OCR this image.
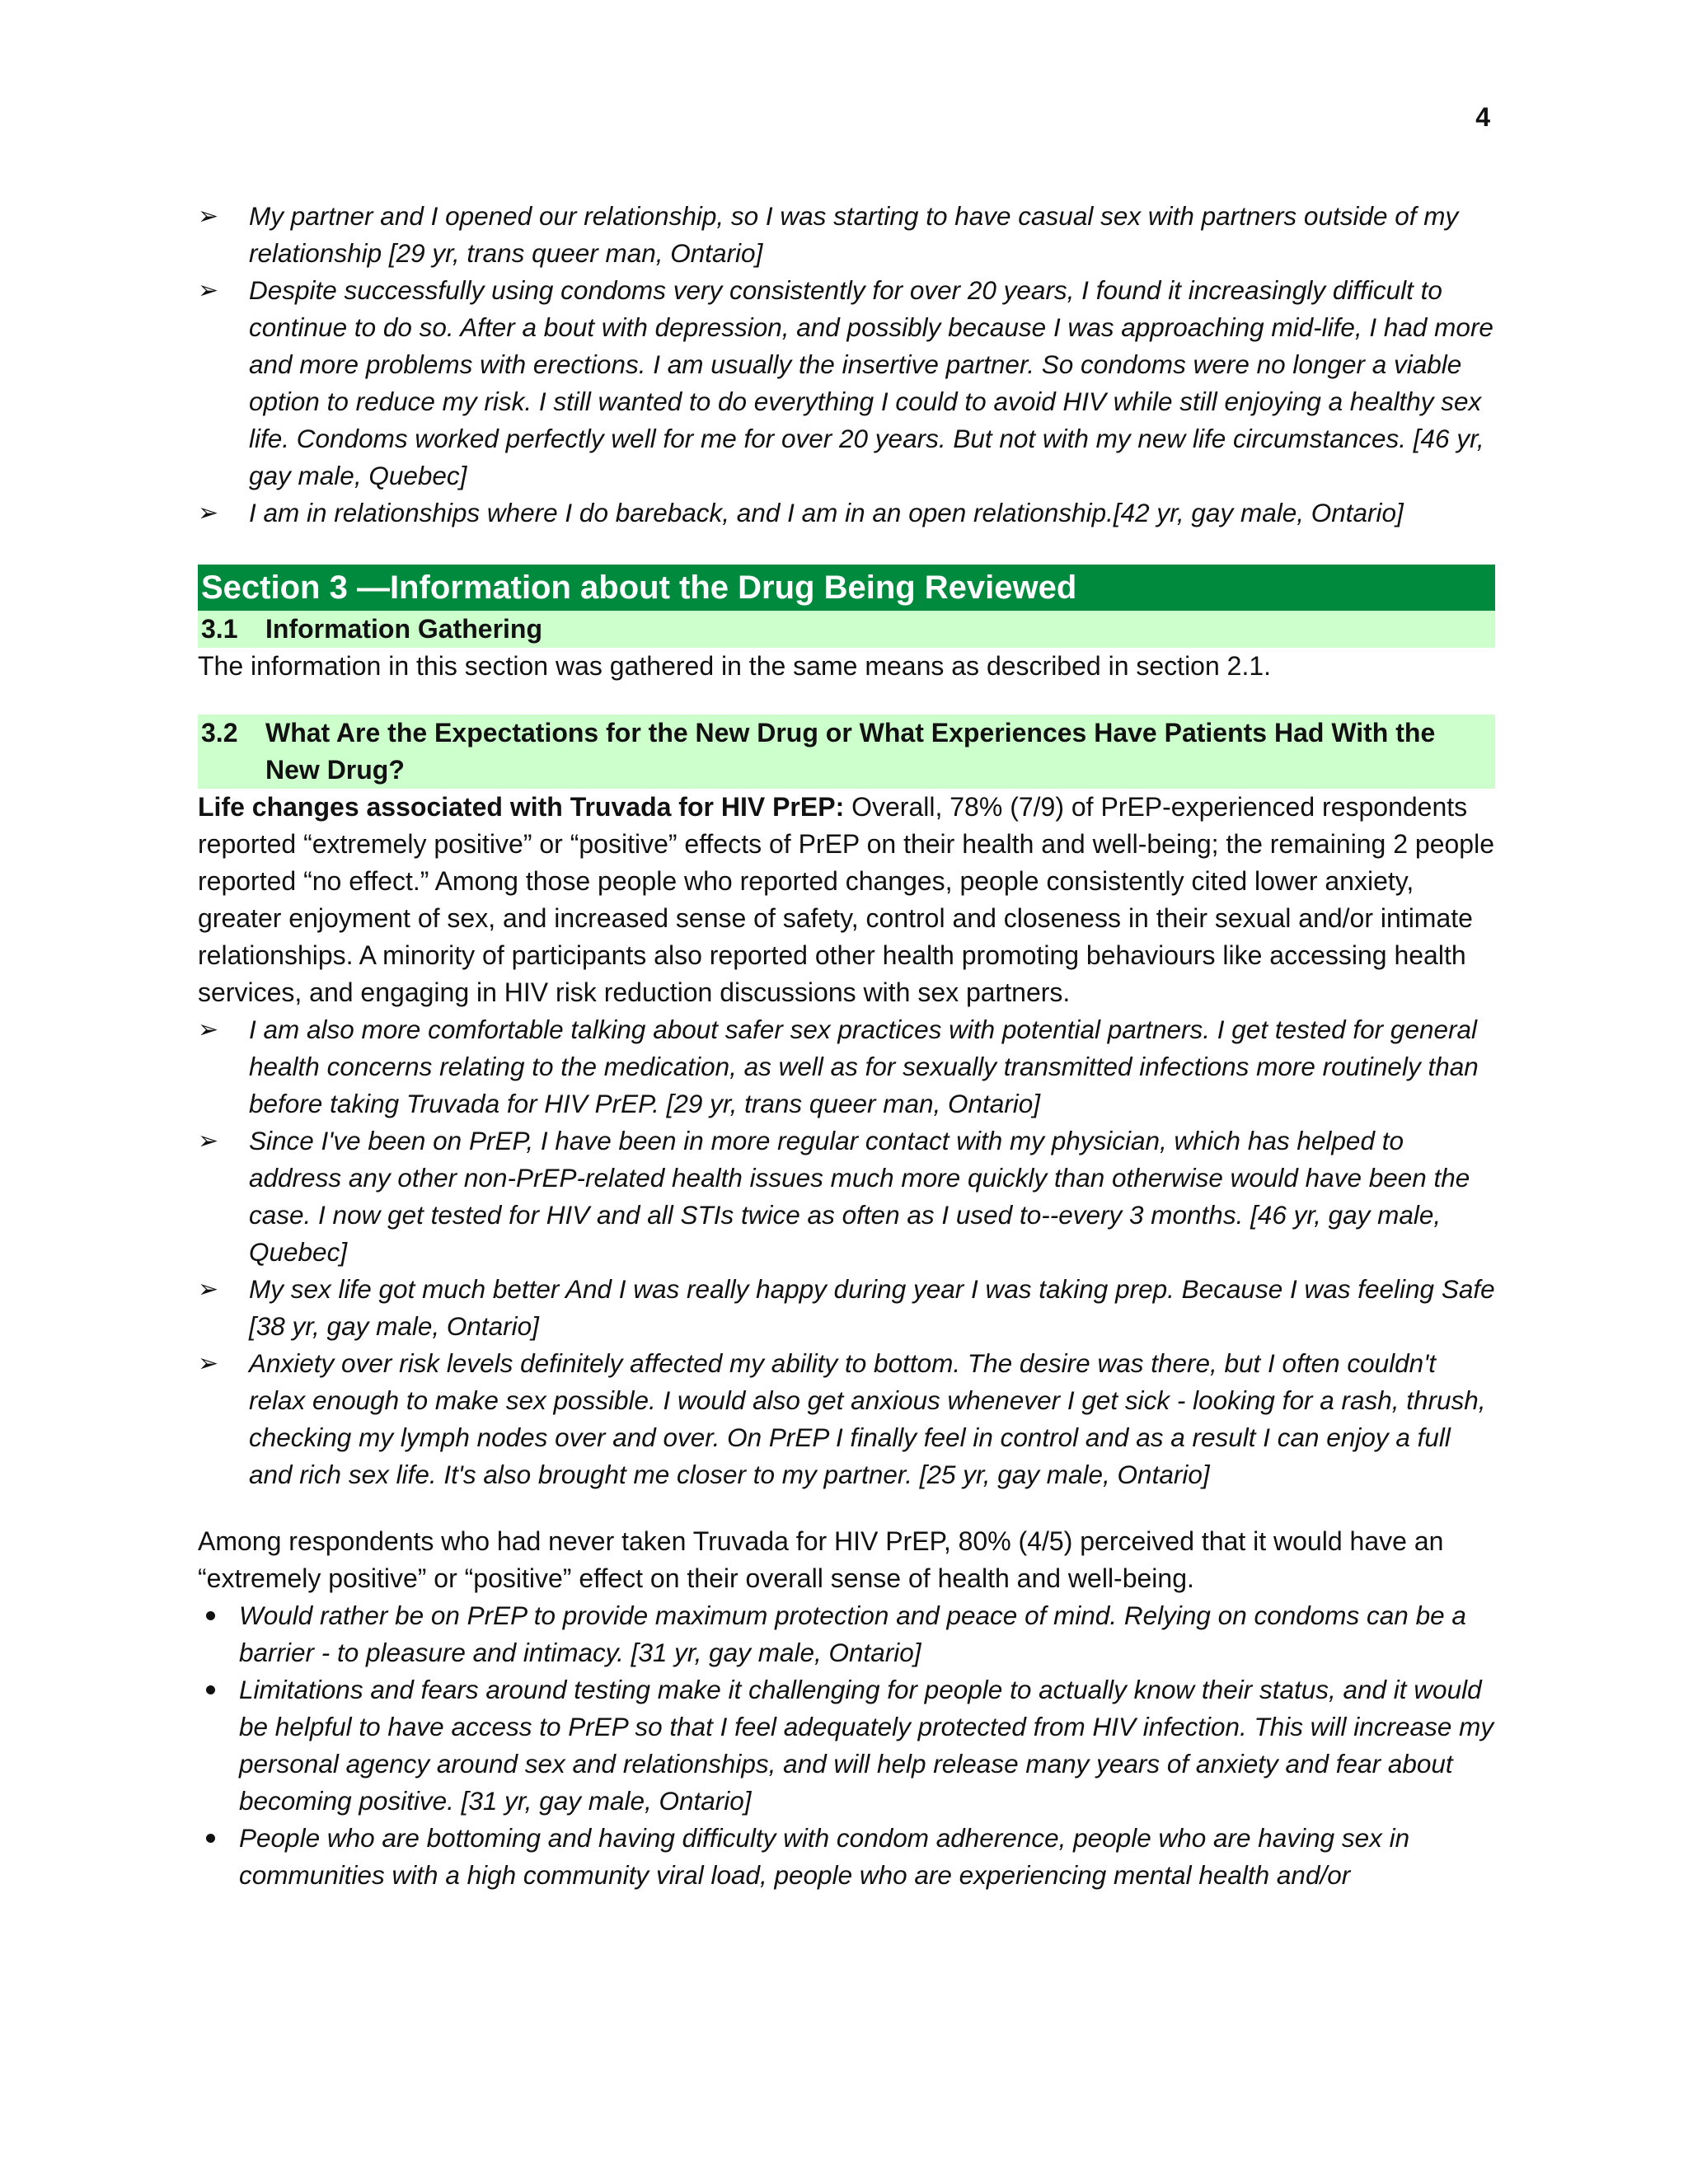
4
➢ My partner and I opened our relationship, so I was starting to have casual sex with partners outside of my relationship [29 yr, trans queer man, Ontario]
➢ Despite successfully using condoms very consistently for over 20 years, I found it increasingly difficult to continue to do so. After a bout with depression, and possibly because I was approaching mid-life, I had more and more problems with erections. I am usually the insertive partner. So condoms were no longer a viable option to reduce my risk. I still wanted to do everything I could to avoid HIV while still enjoying a healthy sex life. Condoms worked perfectly well for me for over 20 years. But not with my new life circumstances. [46 yr, gay male, Quebec]
➢ I am in relationships where I do bareback, and I am in an open relationship.[42 yr, gay male, Ontario]
Section 3 —Information about the Drug Being Reviewed
3.1	Information Gathering

The information in this section was gathered in the same means as described in section 2.1.

3.2	What Are the Expectations for the New Drug or What Experiences Have Patients Had With the New Drug?

Life changes associated with Truvada for HIV PrEP: Overall, 78% (7/9) of PrEP-experienced respondents reported “extremely positive” or “positive” effects of PrEP on their health and well-being; the remaining 2 people reported “no effect.” Among those people who reported changes, people consistently cited lower anxiety, greater enjoyment of sex, and increased sense of safety, control and closeness in their sexual and/or intimate relationships. A minority of participants also reported other health promoting behaviours like accessing health services, and engaging in HIV risk reduction discussions with sex partners.

➢ I am also more comfortable talking about safer sex practices with potential partners. I get tested for general health concerns relating to the medication, as well as for sexually transmitted infections more routinely than before taking Truvada for HIV PrEP. [29 yr, trans queer man, Ontario]
➢ Since I've been on PrEP, I have been in more regular contact with my physician, which has helped to address any other non-PrEP-related health issues much more quickly than otherwise would have been the case. I now get tested for HIV and all STIs twice as often as I used to--every 3 months. [46 yr, gay male, Quebec]
➢ My sex life got much better And I was really happy during year I was taking prep. Because I was feeling Safe [38 yr, gay male, Ontario]
➢ Anxiety over risk levels definitely affected my ability to bottom. The desire was there, but I often couldn't relax enough to make sex possible. I would also get anxious whenever I get sick - looking for a rash, thrush, checking my lymph nodes over and over. On PrEP I finally feel in control and as a result I can enjoy a full and rich sex life. It's also brought me closer to my partner. [25 yr, gay male, Ontario]

Among respondents who had never taken Truvada for HIV PrEP, 80% (4/5) perceived that it would have an “extremely positive” or “positive” effect on their overall sense of health and well-being.

Would rather be on PrEP to provide maximum protection and peace of mind. Relying on condoms can be a barrier - to pleasure and intimacy. [31 yr, gay male, Ontario]
Limitations and fears around testing make it challenging for people to actually know their status, and it would be helpful to have access to PrEP so that I feel adequately protected from HIV infection. This will increase my personal agency around sex and relationships, and will help release many years of anxiety and fear about becoming positive. [31 yr, gay male, Ontario]
People who are bottoming and having difficulty with condom adherence, people who are having sex in communities with a high community viral load, people who are experiencing mental health and/or
